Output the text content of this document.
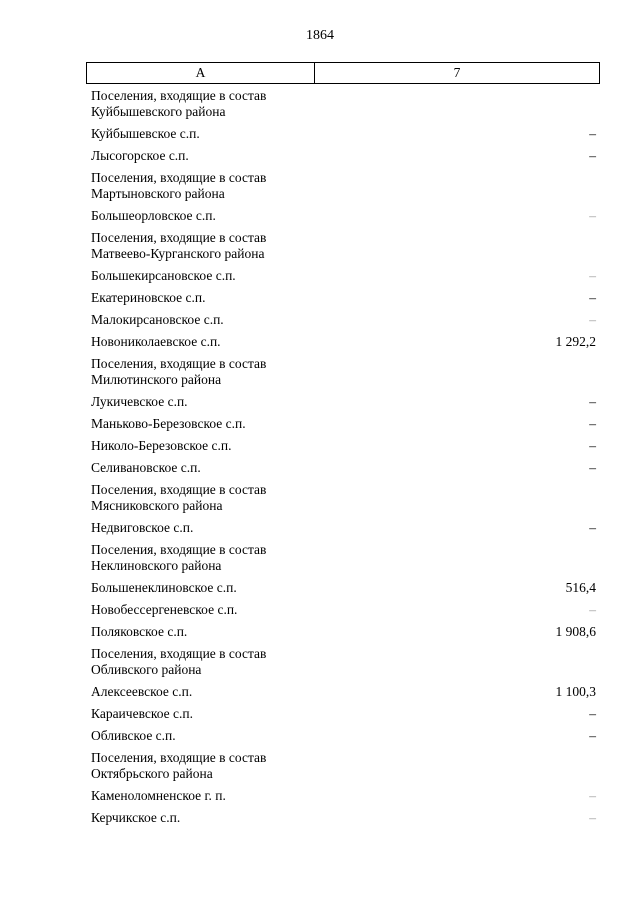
1864
А	7
Поселения, входящие в состав Куйбышевского района
Куйбышевское с.п.	–
Лысогорское с.п.	–
Поселения, входящие в состав Мартыновского района
Большеорловское с.п.	–
Поселения, входящие в состав Матвеево-Курганского района
Большекирсановское с.п.	–
Екатериновское с.п.	–
Малокирсановское с.п.	–
Новониколаевское с.п.	1 292,2
Поселения, входящие в состав Милютинского района
Лукичевское с.п.	–
Маньково-Березовское с.п.	–
Николо-Березовское с.п.	–
Селивановское с.п.	–
Поселения, входящие в состав Мясниковского района
Недвиговское с.п.	–
Поселения, входящие в состав Неклиновского района
Большенеклиновское с.п.	516,4
Новобессергеневское с.п.	–
Поляковское с.п.	1 908,6
Поселения, входящие в состав Обливского района
Алексеевское с.п.	1 100,3
Караичевское с.п.	–
Обливское с.п.	–
Поселения, входящие в состав Октябрьского района
Каменоломненское г. п.	–
Керчикское с.п.	–
